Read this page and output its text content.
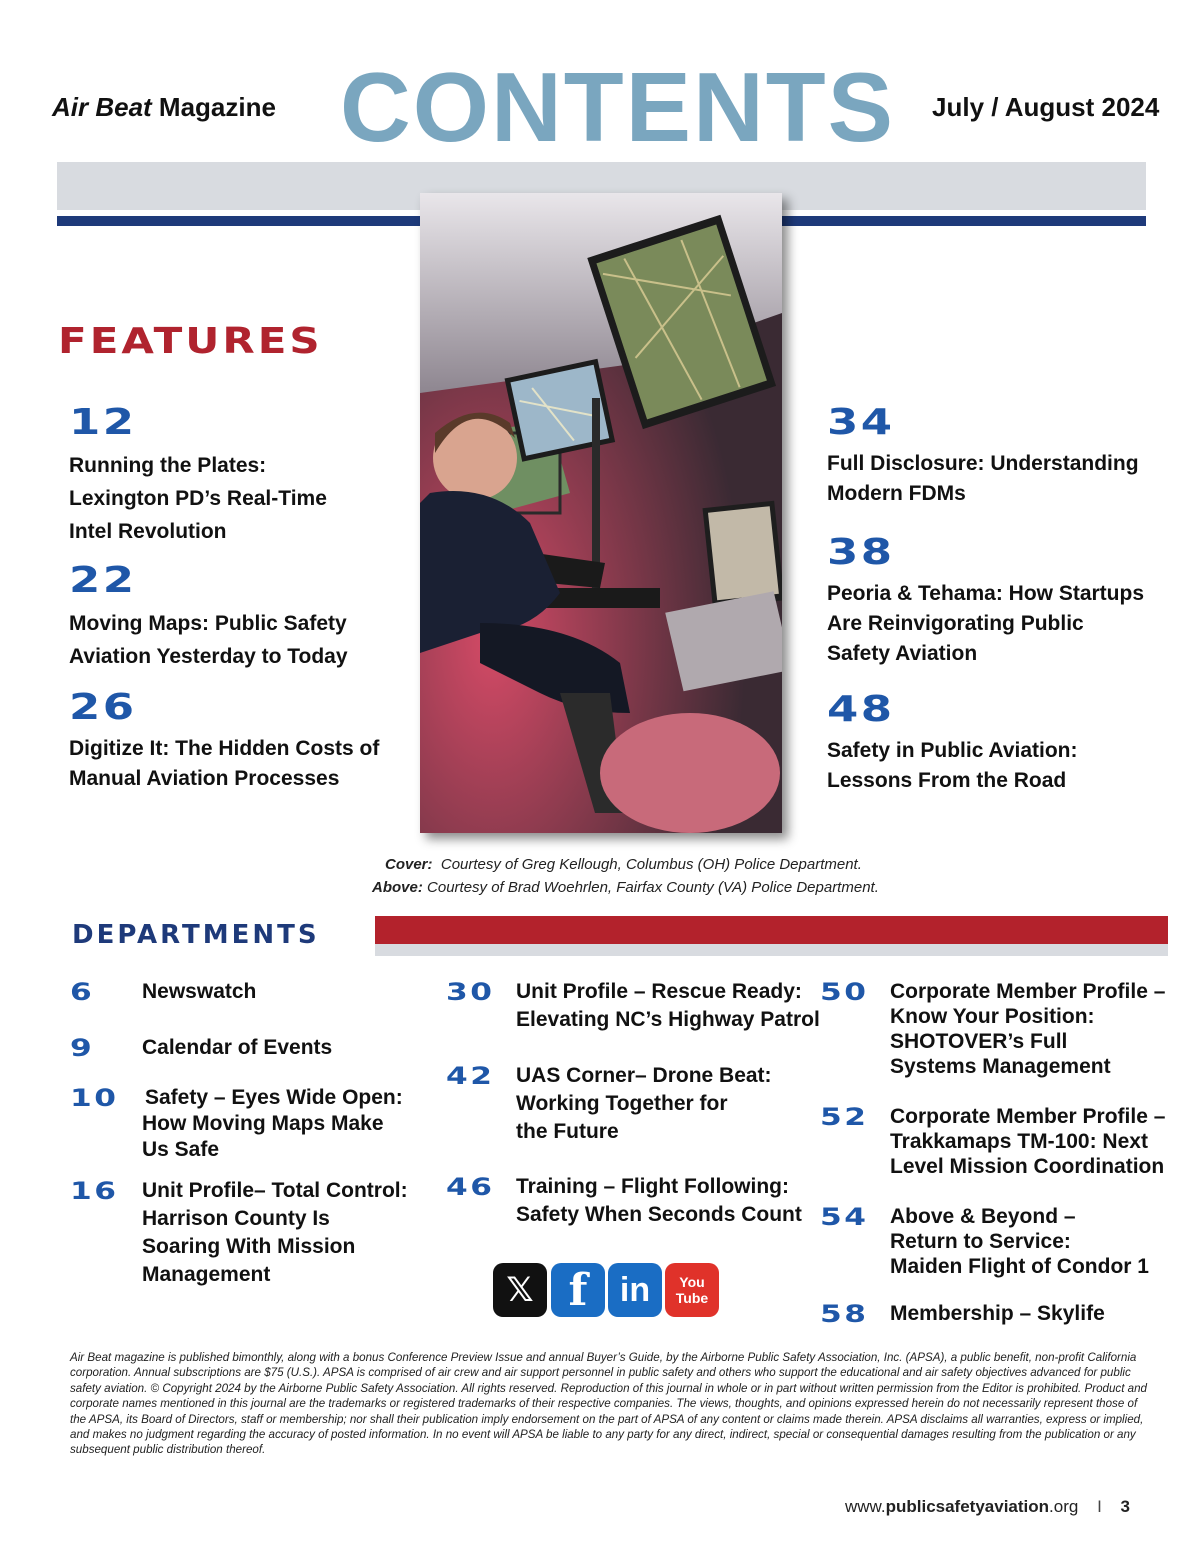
Air Beat Magazine CONTENTS July / August 2024
FEATURES
12
Running the Plates:
Lexington PD’s Real-Time
Intel Revolution
22
Moving Maps: Public Safety
Aviation Yesterday to Today
26
Digitize It: The Hidden Costs of
Manual Aviation Processes
34
Full Disclosure: Understanding
Modern FDMs
38
Peoria & Tehama: How Startups
Are Reinvigorating Public
Safety Aviation
48
Safety in Public Aviation:
Lessons From the Road
Cover: Courtesy of Greg Kellough, Columbus (OH) Police Department.
Above: Courtesy of Brad Woehrlen, Fairfax County (VA) Police Department.
DEPARTMENTS
6 Newswatch
9 Calendar of Events
10 Safety – Eyes Wide Open:
How Moving Maps Make
Us Safe
16 Unit Profile– Total Control:
Harrison County Is
Soaring With Mission
Management
30 Unit Profile – Rescue Ready:
Elevating NC’s Highway Patrol
42 UAS Corner– Drone Beat:
Working Together for
the Future
46 Training – Flight Following:
Safety When Seconds Count
50 Corporate Member Profile –
Know Your Position:
SHOTOVER’s Full
Systems Management
52 Corporate Member Profile –
Trakkamaps TM-100: Next
Level Mission Coordination
54 Above & Beyond –
Return to Service:
Maiden Flight of Condor 1
58 Membership – Skylife
𝕏 f in	You
Tube
Air Beat magazine is published bimonthly, along with a bonus Conference Preview Issue and annual Buyer’s Guide, by the Airborne Public Safety Association, Inc. (APSA), a public benefit, non-profit California corporation. Annual subscriptions are $75 (U.S.). APSA is comprised of air crew and air support personnel in public safety and others who support the educational and air safety objectives advanced for public safety aviation. © Copyright 2024 by the Airborne Public Safety Association. All rights reserved. Reproduction of this journal in whole or in part without written permission from the Editor is prohibited. Product and corporate names mentioned in this journal are the trademarks or registered trademarks of their respective companies. The views, thoughts, and opinions expressed herein do not necessarily represent those of the APSA, its Board of Directors, staff or membership; nor shall their publication imply endorsement on the part of APSA of any content or claims made therein. APSA disclaims all warranties, express or implied, and makes no judgment regarding the accuracy of posted information. In no event will APSA be liable to any party for any direct, indirect, special or consequential damages resulting from the publication or any subsequent public distribution thereof.
www.publicsafetyaviation.org I 3
